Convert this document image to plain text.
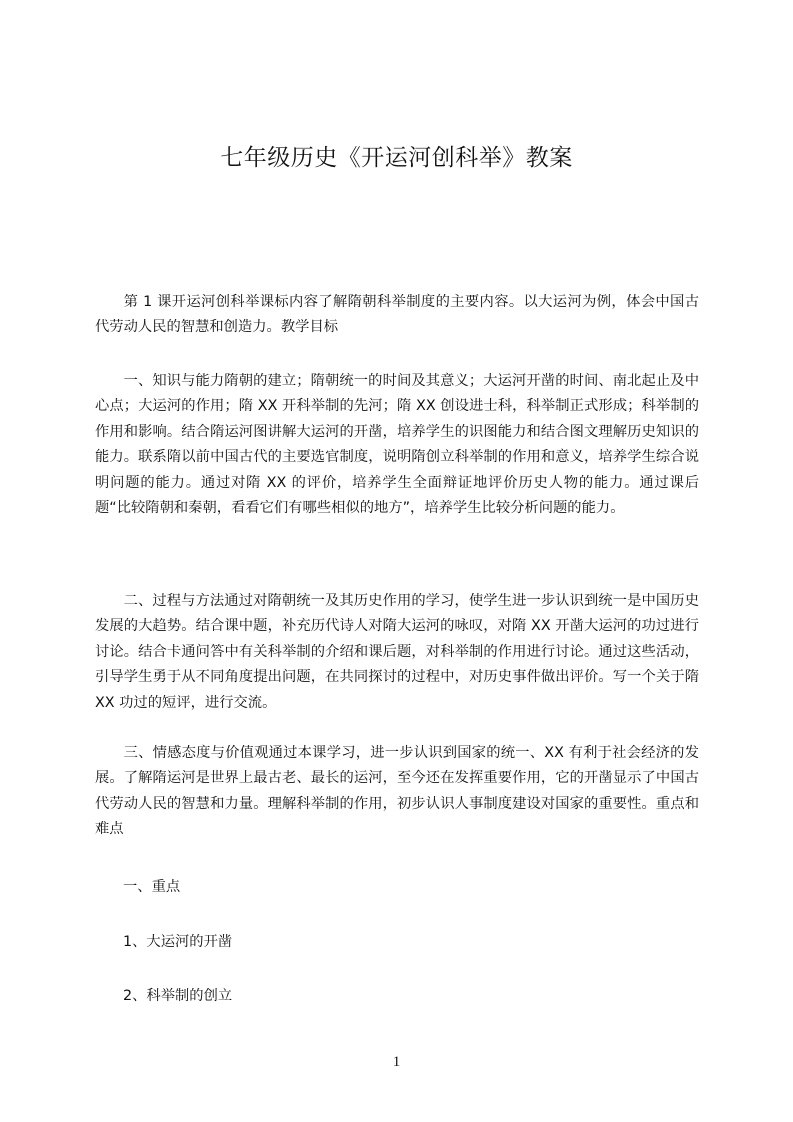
七年级历史《开运河创科举》教案

第 1 课开运河创科举课标内容了解隋朝科举制度的主要内容。以大运河为例，体会中国古代劳动人民的智慧和创造力。教学目标

一、知识与能力隋朝的建立；隋朝统一的时间及其意义；大运河开凿的时间、南北起止及中心点；大运河的作用；隋 XX 开科举制的先河；隋 XX 创设进士科，科举制正式形成；科举制的作用和影响。结合隋运河图讲解大运河的开凿，培养学生的识图能力和结合图文理解历史知识的能力。联系隋以前中国古代的主要选官制度，说明隋创立科举制的作用和意义，培养学生综合说明问题的能力。通过对隋 XX 的评价，培养学生全面辩证地评价历史人物的能力。通过课后题“比较隋朝和秦朝，看看它们有哪些相似的地方”，培养学生比较分析问题的能力。

二、过程与方法通过对隋朝统一及其历史作用的学习，使学生进一步认识到统一是中国历史发展的大趋势。结合课中题，补充历代诗人对隋大运河的咏叹，对隋 XX 开凿大运河的功过进行讨论。结合卡通问答中有关科举制的介绍和课后题，对科举制的作用进行讨论。通过这些活动，引导学生勇于从不同角度提出问题，在共同探讨的过程中，对历史事件做出评价。写一个关于隋 XX 功过的短评，进行交流。

三、情感态度与价值观通过本课学习，进一步认识到国家的统一、XX 有利于社会经济的发展。了解隋运河是世界上最古老、最长的运河，至今还在发挥重要作用，它的开凿显示了中国古代劳动人民的智慧和力量。理解科举制的作用，初步认识人事制度建设对国家的重要性。重点和难点

一、重点
1、大运河的开凿
2、科举制的创立
1
